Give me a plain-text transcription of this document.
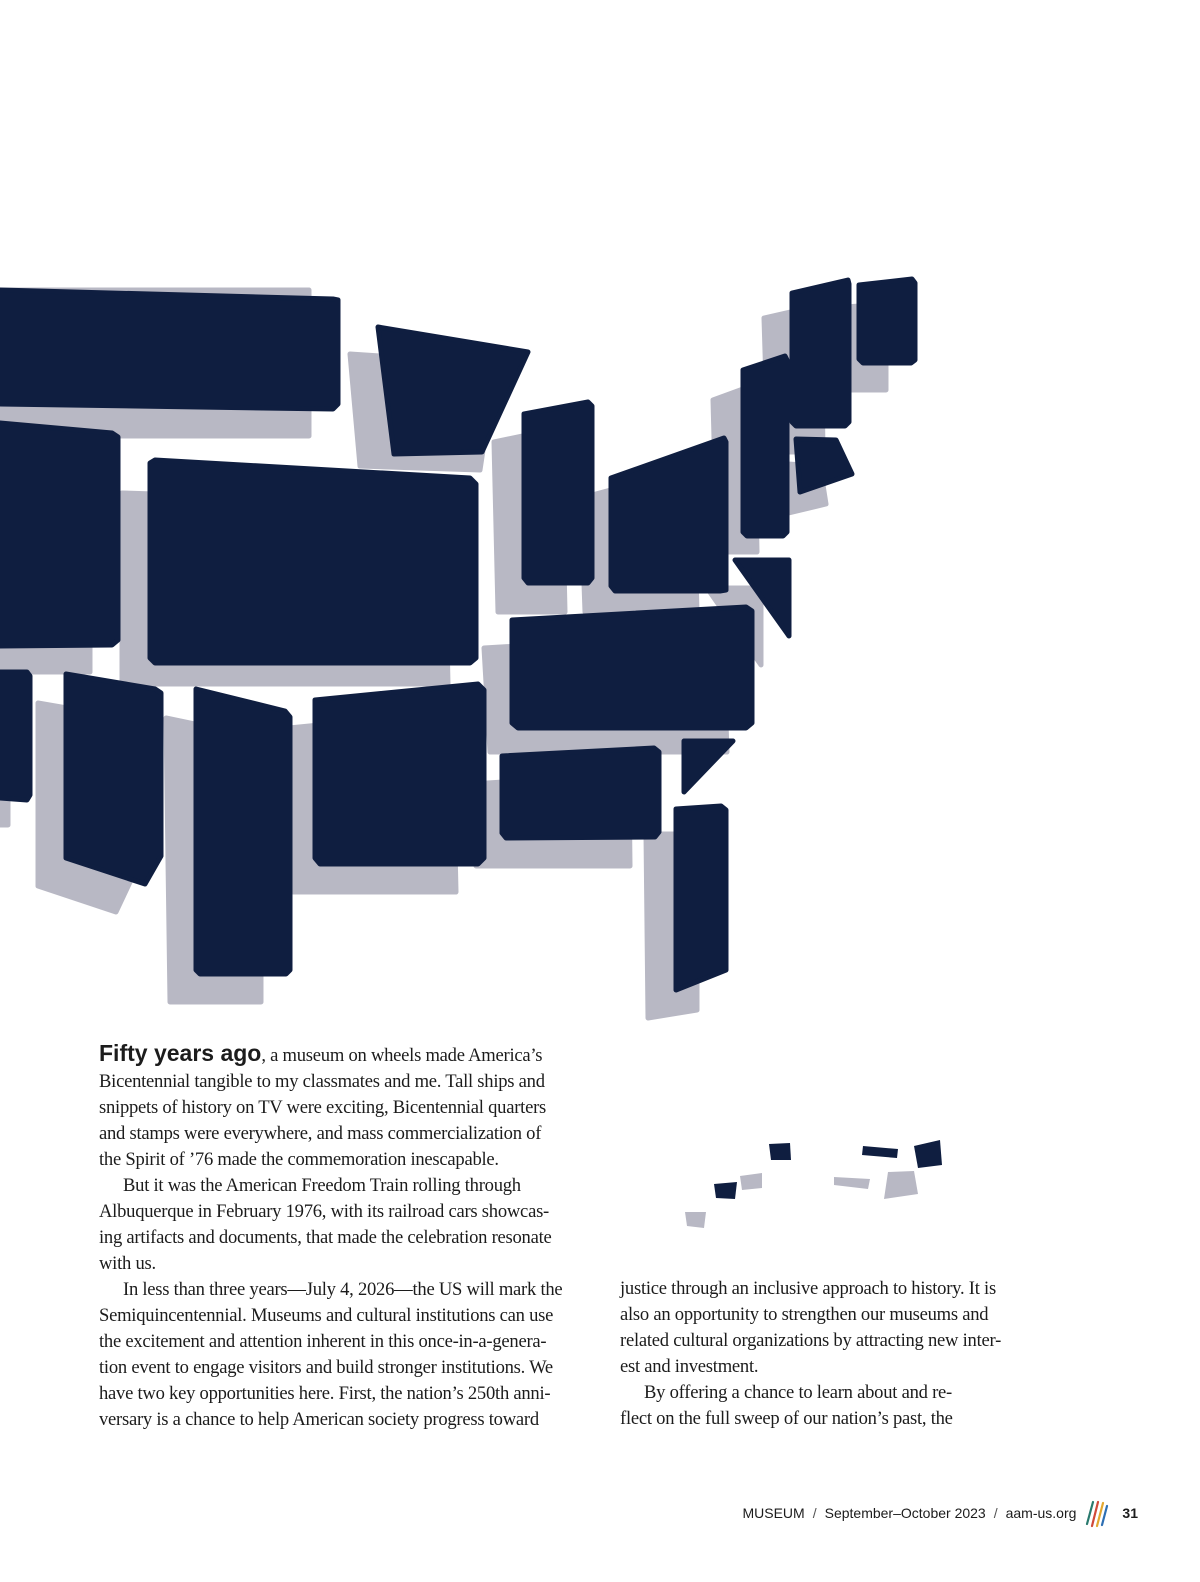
Fifty years ago, a museum on wheels made America’s

Bicentennial tangible to my classmates and me. Tall ships and

snippets of history on TV were exciting, Bicentennial quarters

and stamps were everywhere, and mass commercialization of

the Spirit of ’76 made the commemoration inescapable.

But it was the American Freedom Train rolling through

Albuquerque in February 1976, with its railroad cars showcas-

ing artifacts and documents, that made the celebration resonate

with us.

In less than three years—July 4, 2026—the US will mark the

Semiquincentennial. Museums and cultural institutions can use

the excitement and attention inherent in this once-in-a-genera-

tion event to engage visitors and build stronger institutions. We

have two key opportunities here. First, the nation’s 250th anni-

versary is a chance to help American society progress toward

justice through an inclusive approach to history. It is

also an opportunity to strengthen our museums and

related cultural organizations by attracting new inter-

est and investment.

By offering a chance to learn about and re-

flect on the full sweep of our nation’s past, the

MUSEUM / September–October 2023 / aam-us.org	31
